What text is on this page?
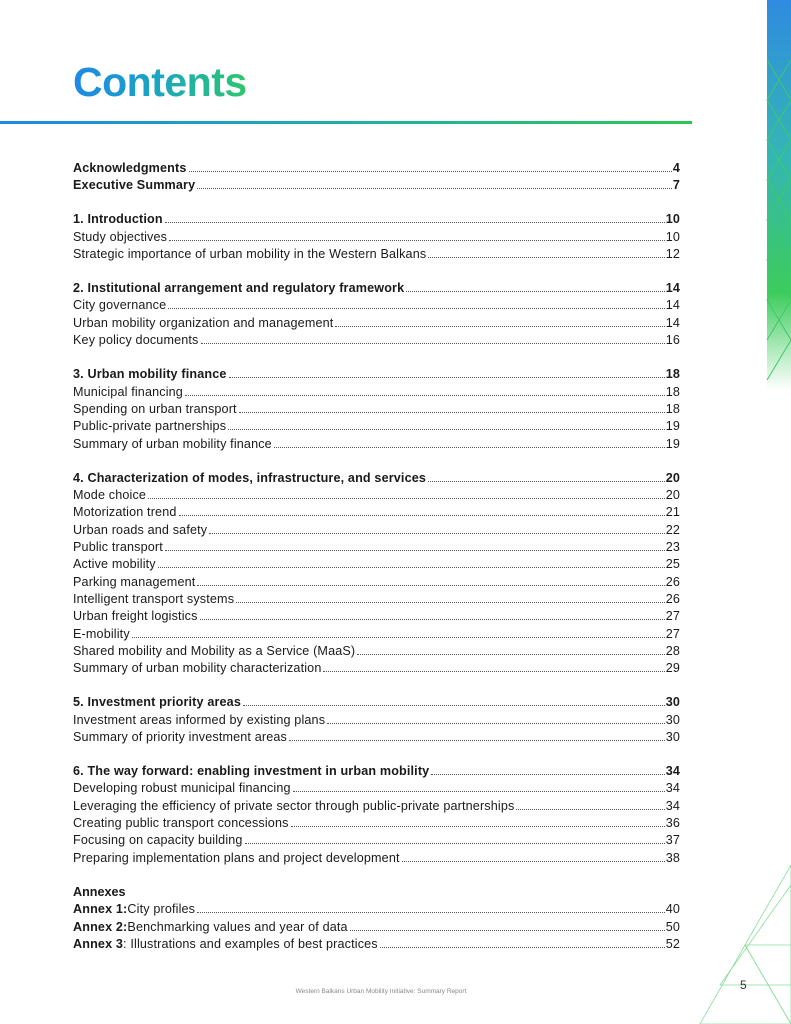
Contents
Acknowledgments	4
Executive Summary	7
1. Introduction	10
Study objectives	10
Strategic importance of urban mobility in the Western Balkans	12
2. Institutional arrangement and regulatory framework	14
City governance	14
Urban mobility organization and management	14
Key policy documents	16
3. Urban mobility finance	18
Municipal financing	18
Spending on urban transport	18
Public-private partnerships	19
Summary of urban mobility finance	19
4. Characterization of modes, infrastructure, and services	20
Mode choice	20
Motorization trend	21
Urban roads and safety	22
Public transport	23
Active mobility	25
Parking management	26
Intelligent transport systems	26
Urban freight logistics	27
E-mobility	27
Shared mobility and Mobility as a Service (MaaS)	28
Summary of urban mobility characterization	29
5. Investment priority areas	30
Investment areas informed by existing plans	30
Summary of priority investment areas	30
6. The way forward: enabling investment in urban mobility	34
Developing robust municipal financing	34
Leveraging the efficiency of private sector through public-private partnerships	34
Creating public transport concessions	36
Focusing on capacity building	37
Preparing implementation plans and project development	38
Annexes
Annex 1: City profiles	40
Annex 2: Benchmarking values and year of data	50
Annex 3 : Illustrations and examples of best practices	52
Western Balkans Urban Mobility Initiative: Summary Report	5
